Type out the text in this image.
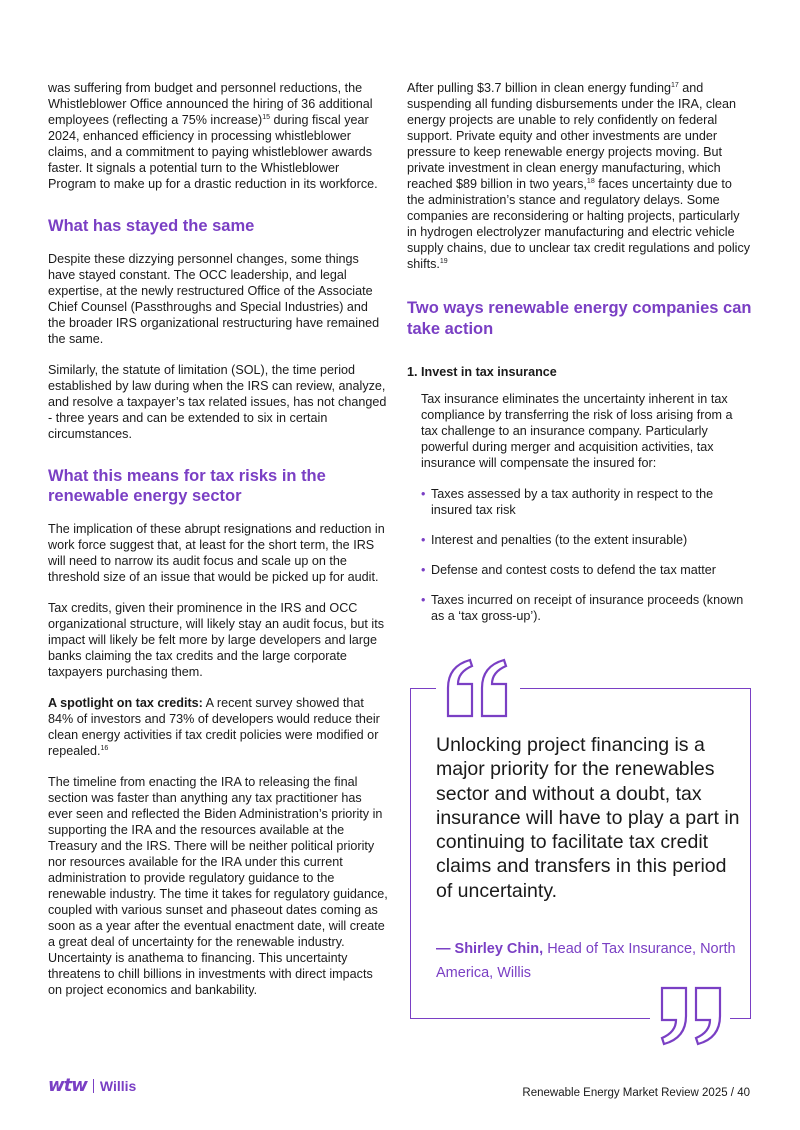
was suffering from budget and personnel reductions, the Whistleblower Office announced the hiring of 36 additional employees (reflecting a 75% increase)$^{15}$ during fiscal year 2024, enhanced efficiency in processing whistleblower claims, and a commitment to paying whistleblower awards faster. It signals a potential turn to the Whistleblower Program to make up for a drastic reduction in its workforce.

What has stayed the same

Despite these dizzying personnel changes, some things have stayed constant. The OCC leadership, and legal expertise, at the newly restructured Office of the Associate Chief Counsel (Passthroughs and Special Industries) and the broader IRS organizational restructuring have remained the same.

Similarly, the statute of limitation (SOL), the time period established by law during when the IRS can review, analyze, and resolve a taxpayer’s tax related issues, has not changed - three years and can be extended to six in certain circumstances.

What this means for tax risks in the renewable energy sector

The implication of these abrupt resignations and reduction in work force suggest that, at least for the short term, the IRS will need to narrow its audit focus and scale up on the threshold size of an issue that would be picked up for audit.

Tax credits, given their prominence in the IRS and OCC organizational structure, will likely stay an audit focus, but its impact will likely be felt more by large developers and large banks claiming the tax credits and the large corporate taxpayers purchasing them.

A spotlight on tax credits: A recent survey showed that 84% of investors and 73% of developers would reduce their clean energy activities if tax credit policies were modified or repealed.$^{16}$

The timeline from enacting the IRA to releasing the final section was faster than anything any tax practitioner has ever seen and reflected the Biden Administration’s priority in supporting the IRA and the resources available at the Treasury and the IRS. There will be neither political priority nor resources available for the IRA under this current administration to provide regulatory guidance to the renewable industry. The time it takes for regulatory guidance, coupled with various sunset and phaseout dates coming as soon as a year after the eventual enactment date, will create a great deal of uncertainty for the renewable industry. Uncertainty is anathema to financing. This uncertainty threatens to chill billions in investments with direct impacts on project economics and bankability.

After pulling $3.7 billion in clean energy funding$^{17}$ and suspending all funding disbursements under the IRA, clean energy projects are unable to rely confidently on federal support. Private equity and other investments are under pressure to keep renewable energy projects moving. But private investment in clean energy manufacturing, which reached $89 billion in two years,$^{18}$ faces uncertainty due to the administration’s stance and regulatory delays. Some companies are reconsidering or halting projects, particularly in hydrogen electrolyzer manufacturing and electric vehicle supply chains, due to unclear tax credit regulations and policy shifts.$^{19}$

Two ways renewable energy companies can take action
1. Invest in tax insurance

Tax insurance eliminates the uncertainty inherent in tax compliance by transferring the risk of loss arising from a tax challenge to an insurance company. Particularly powerful during merger and acquisition activities, tax insurance will compensate the insured for:

• Taxes assessed by a tax authority in respect to the insured tax risk
• Interest and penalties (to the extent insurable)
• Defense and contest costs to defend the tax matter
• Taxes incurred on receipt of insurance proceeds (known as a ‘tax gross-up’).
Unlocking project financing is a major priority for the renewables sector and without a doubt, tax insurance will have to play a part in continuing to facilitate tax credit claims and transfers in this period of uncertainty.
— Shirley Chin, Head of Tax Insurance, North America, Willis
wtw Willis	Renewable Energy Market Review 2025 / 40
